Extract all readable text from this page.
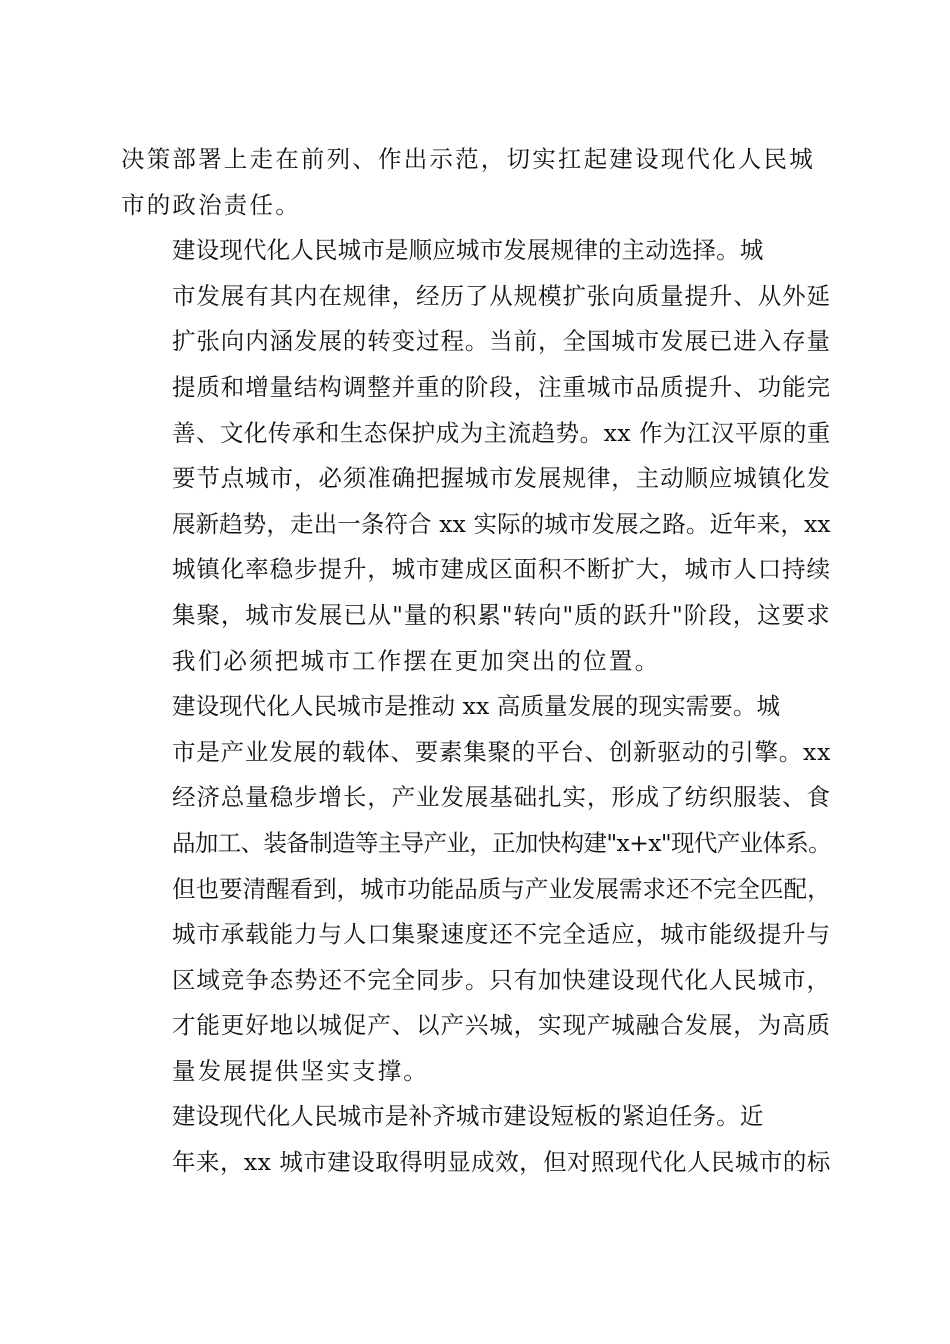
决策部署上走在前列、作出示范，切实扛起建设现代化人民城
市的政治责任。

建设现代化人民城市是顺应城市发展规律的主动选择。城
市发展有其内在规律，经历了从规模扩张向质量提升、从外延
扩张向内涵发展的转变过程。当前，全国城市发展已进入存量
提质和增量结构调整并重的阶段，注重城市品质提升、功能完
善、文化传承和生态保护成为主流趋势。xx 作为江汉平原的重
要节点城市，必须准确把握城市发展规律，主动顺应城镇化发
展新趋势，走出一条符合 xx 实际的城市发展之路。近年来，xx
城镇化率稳步提升，城市建成区面积不断扩大，城市人口持续
集聚，城市发展已从"量的积累"转向"质的跃升"阶段，这要求
我们必须把城市工作摆在更加突出的位置。

建设现代化人民城市是推动 xx 高质量发展的现实需要。城
市是产业发展的载体、要素集聚的平台、创新驱动的引擎。xx
经济总量稳步增长，产业发展基础扎实，形成了纺织服装、食
品加工、装备制造等主导产业，正加快构建"x+x"现代产业体系。
但也要清醒看到，城市功能品质与产业发展需求还不完全匹配，
城市承载能力与人口集聚速度还不完全适应，城市能级提升与
区域竞争态势还不完全同步。只有加快建设现代化人民城市，
才能更好地以城促产、以产兴城，实现产城融合发展，为高质
量发展提供坚实支撑。

建设现代化人民城市是补齐城市建设短板的紧迫任务。近
年来，xx 城市建设取得明显成效，但对照现代化人民城市的标
